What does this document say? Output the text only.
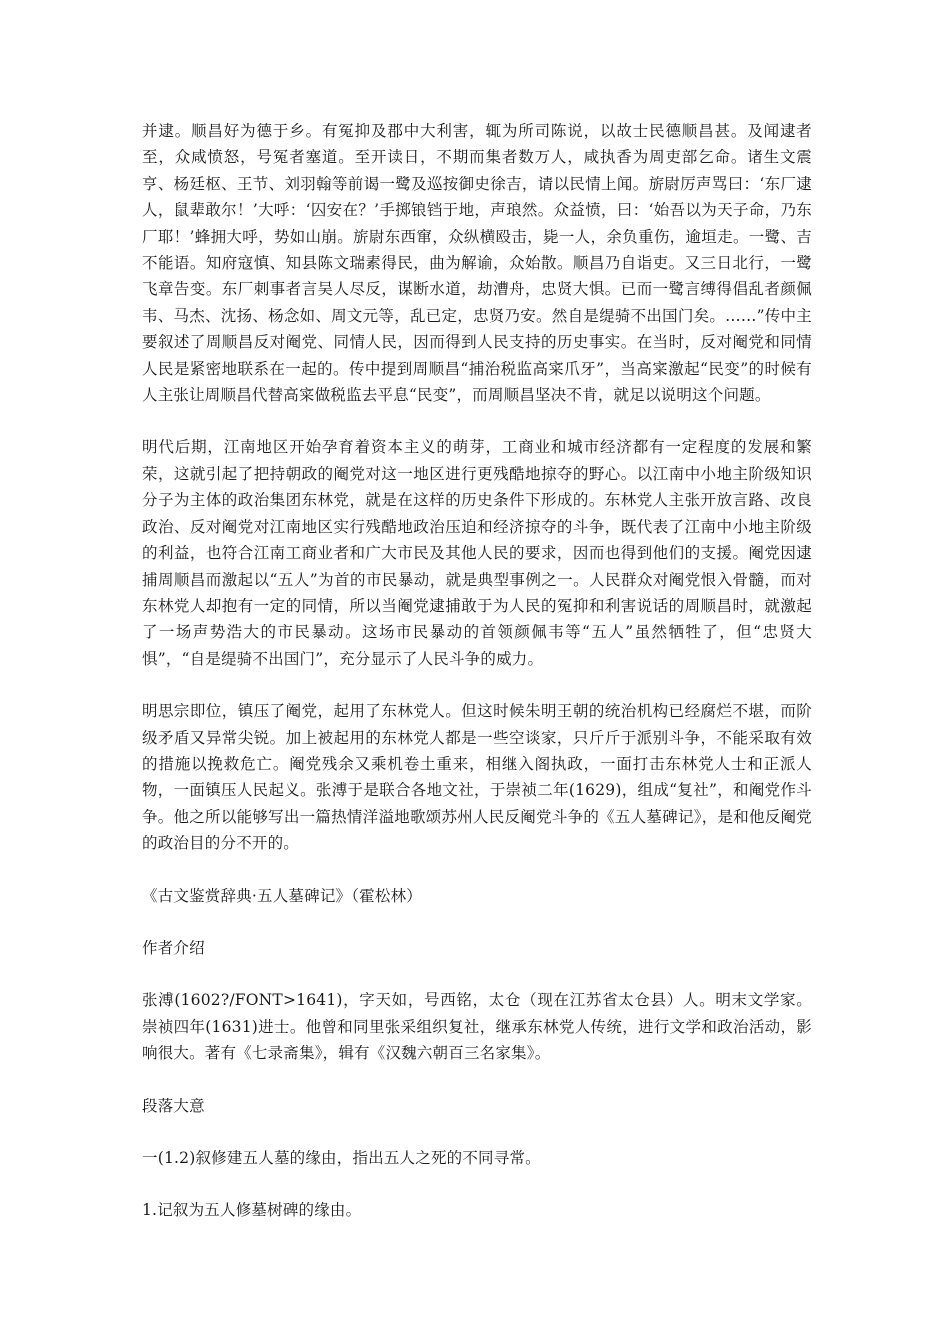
并逮。顺昌好为德于乡。有冤抑及郡中大利害，辄为所司陈说，以故士民德顺昌甚。及闻逮者至，众咸愤怒，号冤者塞道。至开读日，不期而集者数万人，咸执香为周吏部乞命。诸生文震亨、杨廷枢、王节、刘羽翰等前谒一鹭及巡按御史徐吉，请以民情上闻。旂尉厉声骂曰：‘东厂逮人，鼠辈敢尔！’大呼：‘囚安在？’手掷锒铛于地，声琅然。众益愤，曰：‘始吾以为天子命，乃东厂耶！’蜂拥大呼，势如山崩。旂尉东西窜，众纵横殴击，毙一人，余负重伤，逾垣走。一鹭、吉不能语。知府寇慎、知县陈文瑞素得民，曲为解谕，众始散。顺昌乃自诣吏。又三日北行，一鹭飞章告变。东厂刺事者言吴人尽反，谋断水道，劫漕舟，忠贤大惧。已而一鹭言缚得倡乱者颜佩韦、马杰、沈扬、杨念如、周文元等，乱已定，忠贤乃安。然自是缇骑不出国门矣。……”传中主要叙述了周顺昌反对阉党、同情人民，因而得到人民支持的历史事实。在当时，反对阉党和同情人民是紧密地联系在一起的。传中提到周顺昌“捕治税监高寀爪牙”，当高寀激起“民变”的时候有人主张让周顺昌代替高寀做税监去平息“民变”，而周顺昌坚决不肯，就足以说明这个问题。

明代后期，江南地区开始孕育着资本主义的萌芽，工商业和城市经济都有一定程度的发展和繁荣，这就引起了把持朝政的阉党对这一地区进行更残酷地掠夺的野心。以江南中小地主阶级知识分子为主体的政治集团东林党，就是在这样的历史条件下形成的。东林党人主张开放言路、改良政治、反对阉党对江南地区实行残酷地政治压迫和经济掠夺的斗争，既代表了江南中小地主阶级的利益，也符合江南工商业者和广大市民及其他人民的要求，因而也得到他们的支援。阉党因逮捕周顺昌而激起以“五人”为首的市民暴动，就是典型事例之一。人民群众对阉党恨入骨髓，而对东林党人却抱有一定的同情，所以当阉党逮捕敢于为人民的冤抑和利害说话的周顺昌时，就激起了一场声势浩大的市民暴动。这场市民暴动的首领颜佩韦等“五人”虽然牺牲了，但“忠贤大惧”，“自是缇骑不出国门”，充分显示了人民斗争的威力。

明思宗即位，镇压了阉党，起用了东林党人。但这时候朱明王朝的统治机构已经腐烂不堪，而阶级矛盾又异常尖锐。加上被起用的东林党人都是一些空谈家，只斤斤于派别斗争，不能采取有效的措施以挽救危亡。阉党残余又乘机卷土重来，相继入阁执政，一面打击东林党人士和正派人物，一面镇压人民起义。张溥于是联合各地文社，于崇祯二年(1629)，组成“复社”，和阉党作斗争。他之所以能够写出一篇热情洋溢地歌颂苏州人民反阉党斗争的《五人墓碑记》，是和他反阉党的政治目的分不开的。

《古文鉴赏辞典·五人墓碑记》（霍松林）

作者介绍

张溥(1602?/FONT>1641)，字天如，号西铭，太仓（现在江苏省太仓县）人。明末文学家。崇祯四年(1631)进士。他曾和同里张采组织复社，继承东林党人传统，进行文学和政治活动，影响很大。著有《七录斋集》，辑有《汉魏六朝百三名家集》。

段落大意

一(1.2)叙修建五人墓的缘由，指出五人之死的不同寻常。

1.记叙为五人修墓树碑的缘由。
